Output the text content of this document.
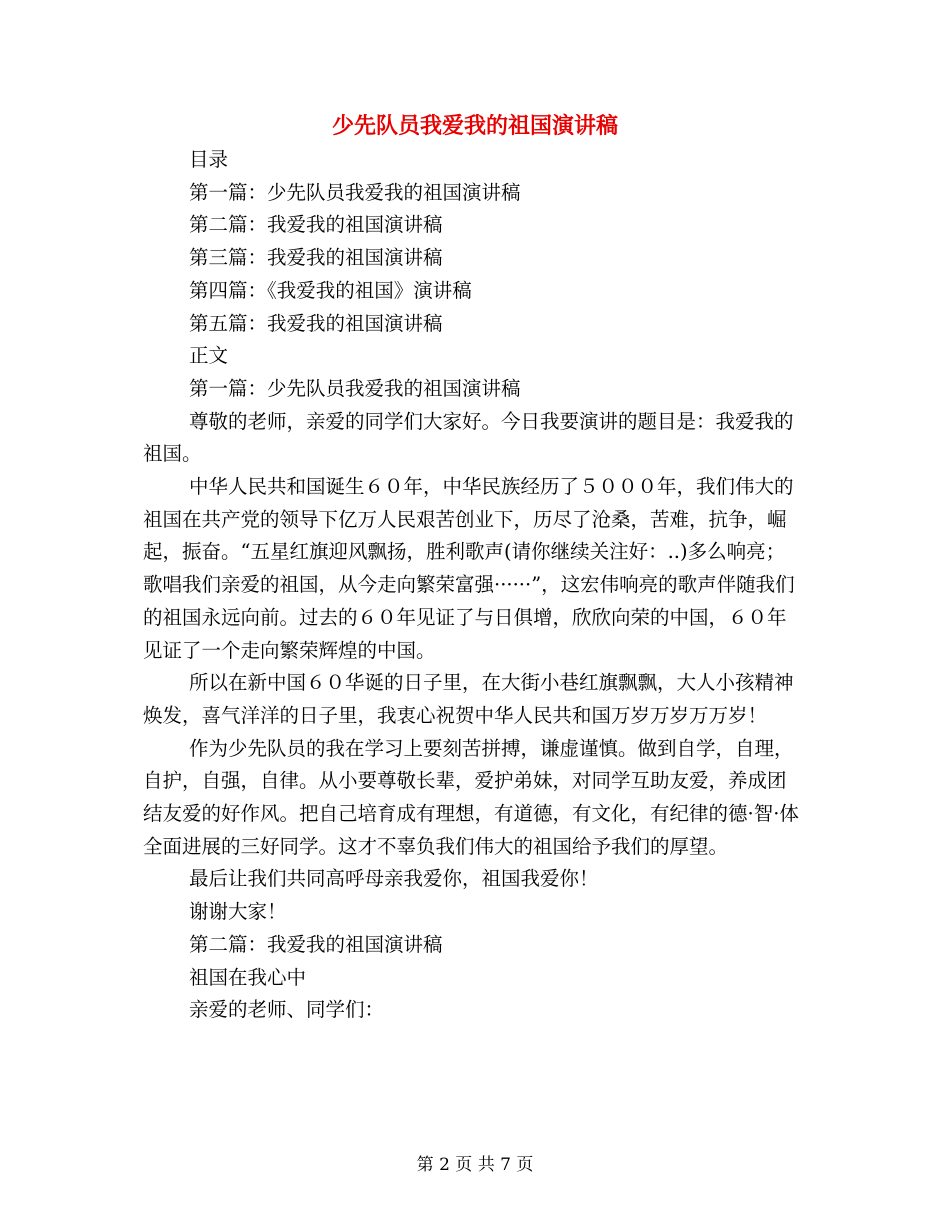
少先队员我爱我的祖国演讲稿
目录
第一篇：少先队员我爱我的祖国演讲稿
第二篇：我爱我的祖国演讲稿
第三篇：我爱我的祖国演讲稿
第四篇：《我爱我的祖国》演讲稿
第五篇：我爱我的祖国演讲稿
正文
第一篇：少先队员我爱我的祖国演讲稿
尊敬的老师，亲爱的同学们大家好。今日我要演讲的题目是：我爱我的祖国。
中华人民共和国诞生６０年，中华民族经历了５０００年，我们伟大的祖国在共产党的领导下亿万人民艰苦创业下，历尽了沧桑，苦难，抗争，崛起，振奋。“五星红旗迎风飘扬，胜利歌声(请你继续关注好：..)多么响亮；歌唱我们亲爱的祖国，从今走向繁荣富强······”，这宏伟响亮的歌声伴随我们的祖国永远向前。过去的６０年见证了与日俱增，欣欣向荣的中国，６０年见证了一个走向繁荣辉煌的中国。
所以在新中国６０华诞的日子里，在大街小巷红旗飘飘，大人小孩精神焕发，喜气洋洋的日子里，我衷心祝贺中华人民共和国万岁万岁万万岁！
作为少先队员的我在学习上要刻苦拼搏，谦虚谨慎。做到自学，自理，自护，自强，自律。从小要尊敬长辈，爱护弟妹，对同学互助友爱，养成团结友爱的好作风。把自己培育成有理想，有道德，有文化，有纪律的德·智·体全面进展的三好同学。这才不辜负我们伟大的祖国给予我们的厚望。
最后让我们共同高呼母亲我爱你，祖国我爱你！
谢谢大家！
第二篇：我爱我的祖国演讲稿
祖国在我心中
亲爱的老师、同学们：
第 2 页 共 7 页
